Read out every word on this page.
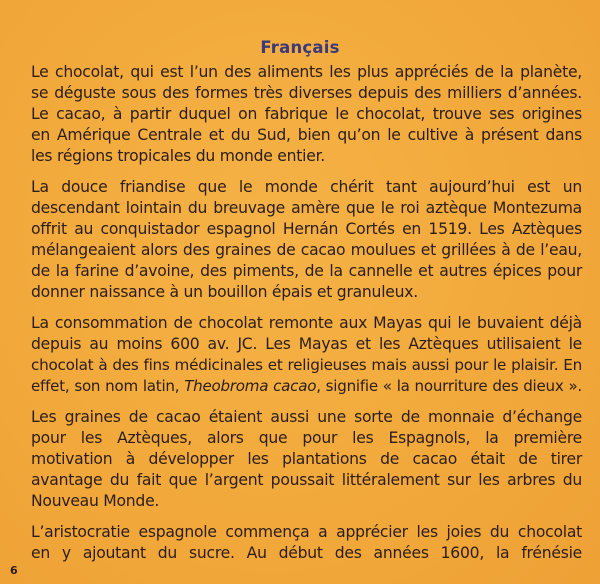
Français
Le chocolat, qui est l’un des aliments les plus appréciés de la planète,
se déguste sous des formes très diverses depuis des milliers d’années.
Le cacao, à partir duquel on fabrique le chocolat, trouve ses origines
en Amérique Centrale et du Sud, bien qu’on le cultive à présent dans
les régions tropicales du monde entier.
La douce friandise que le monde chérit tant aujourd’hui est un
descendant lointain du breuvage amère que le roi aztèque Montezuma
offrit au conquistador espagnol Hernán Cortés en 1519. Les Aztèques
mélangeaient alors des graines de cacao moulues et grillées à de l’eau,
de la farine d’avoine, des piments, de la cannelle et autres épices pour
donner naissance à un bouillon épais et granuleux.
La consommation de chocolat remonte aux Mayas qui le buvaient déjà
depuis au moins 600 av. JC. Les Mayas et les Aztèques utilisaient le
chocolat à des fins médicinales et religieuses mais aussi pour le plaisir. En
effet, son nom latin, Theobroma cacao, signifie « la nourriture des dieux ».
Les graines de cacao étaient aussi une sorte de monnaie d’échange
pour les Aztèques, alors que pour les Espagnols, la première
motivation à développer les plantations de cacao était de tirer
avantage du fait que l’argent poussait littéralement sur les arbres du
Nouveau Monde.
L’aristocratie espagnole commença a apprécier les joies du chocolat
en y ajoutant du sucre. Au début des années 1600, la frénésie
6
